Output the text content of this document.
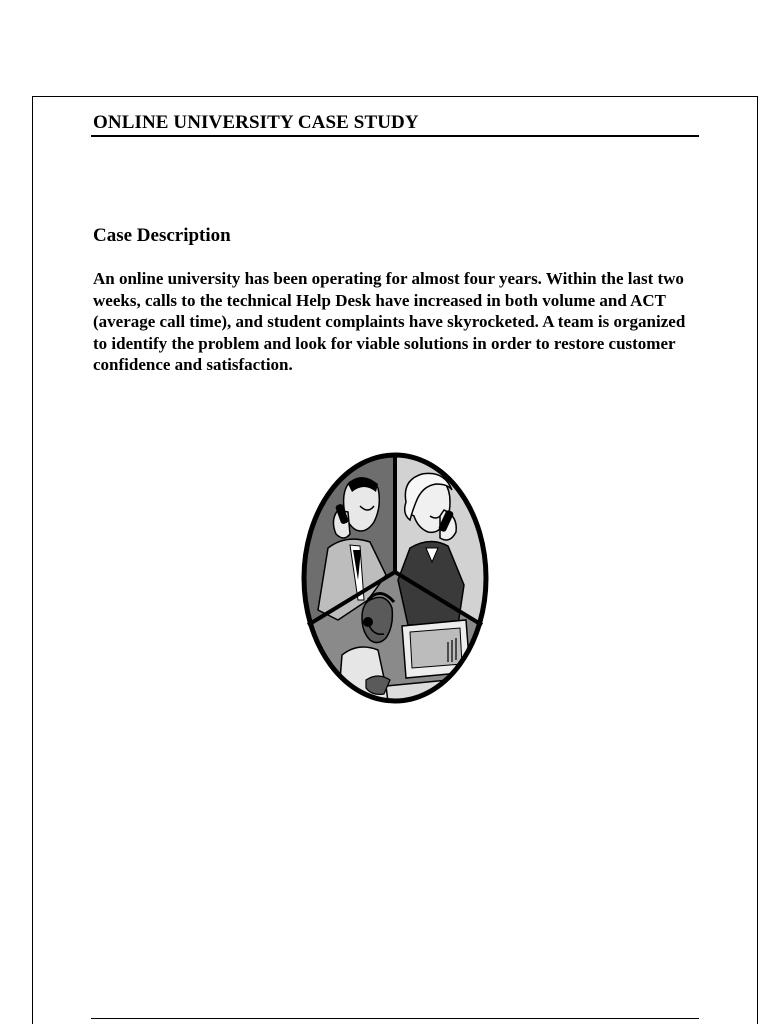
ONLINE UNIVERSITY CASE STUDY
Case Description

An online university has been operating for almost four years. Within the last two weeks, calls to the technical Help Desk have increased in both volume and ACT (average call time), and student complaints have skyrocketed. A team is organized to identify the problem and look for viable solutions in order to restore customer confidence and satisfaction.
